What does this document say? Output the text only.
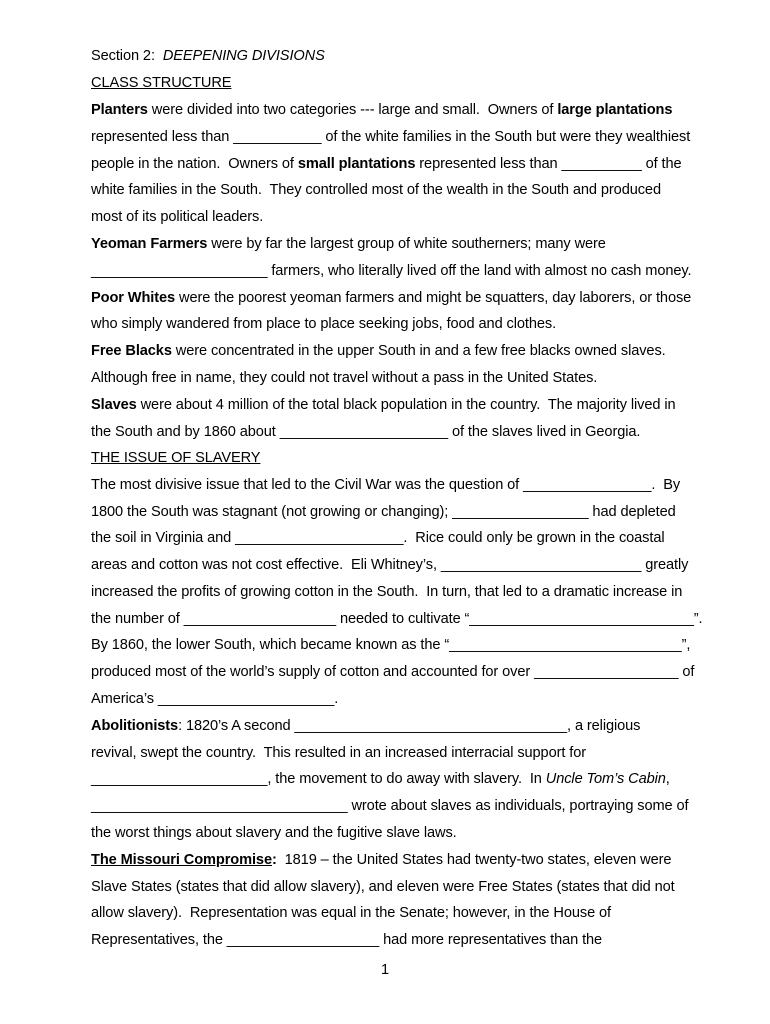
Section 2:  DEEPENING DIVISIONS
CLASS STRUCTURE
Planters were divided into two categories --- large and small.  Owners of large plantations
represented less than ___________ of the white families in the South but were they wealthiest
people in the nation.  Owners of small plantations represented less than __________ of the
white families in the South.  They controlled most of the wealth in the South and produced
most of its political leaders.
Yeoman Farmers were by far the largest group of white southerners; many were
______________________ farmers, who literally lived off the land with almost no cash money.
Poor Whites were the poorest yeoman farmers and might be squatters, day laborers, or those
who simply wandered from place to place seeking jobs, food and clothes.
Free Blacks were concentrated in the upper South in and a few free blacks owned slaves.
Although free in name, they could not travel without a pass in the United States.
Slaves were about 4 million of the total black population in the country.  The majority lived in
the South and by 1860 about _____________________ of the slaves lived in Georgia.
THE ISSUE OF SLAVERY
The most divisive issue that led to the Civil War was the question of ________________.  By
1800 the South was stagnant (not growing or changing); _________________ had depleted
the soil in Virginia and _____________________.  Rice could only be grown in the coastal
areas and cotton was not cost effective.  Eli Whitney’s, _________________________ greatly
increased the profits of growing cotton in the South.  In turn, that led to a dramatic increase in
the number of ___________________ needed to cultivate “____________________________”.
By 1860, the lower South, which became known as the “_____________________________”,
produced most of the world’s supply of cotton and accounted for over __________________ of
America’s ______________________.
Abolitionists: 1820’s A second __________________________________, a religious
revival, swept the country.  This resulted in an increased interracial support for
______________________, the movement to do away with slavery.  In Uncle Tom’s Cabin,
________________________________ wrote about slaves as individuals, portraying some of
the worst things about slavery and the fugitive slave laws.
The Missouri Compromise:  1819 – the United States had twenty-two states, eleven were
Slave States (states that did allow slavery), and eleven were Free States (states that did not
allow slavery).  Representation was equal in the Senate; however, in the House of
Representatives, the ___________________ had more representatives than the
1
